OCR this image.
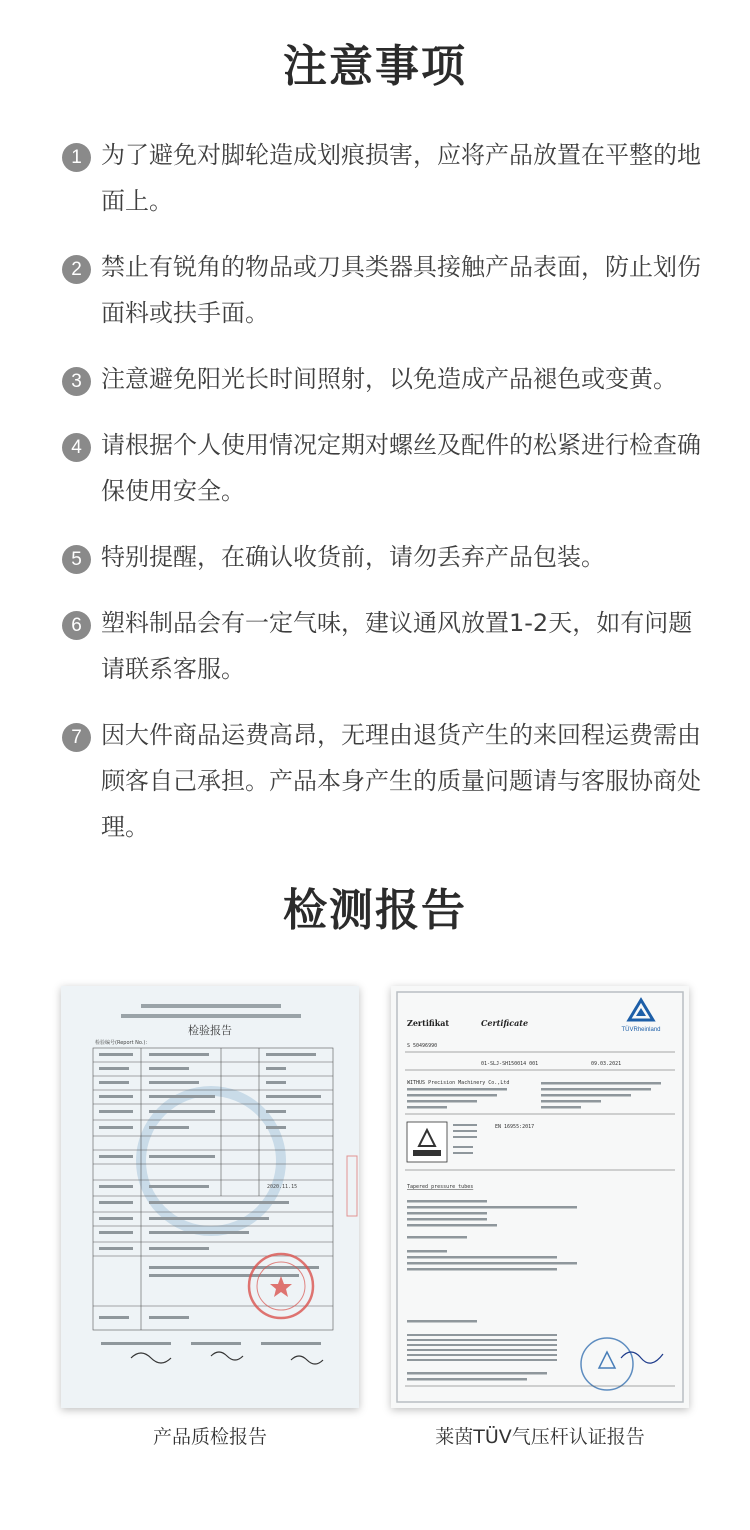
注意事项
1 为了避免对脚轮造成划痕损害，应将产品放置在平整的地面上。
2 禁止有锐角的物品或刀具类器具接触产品表面，防止划伤面料或扶手面。
3 注意避免阳光长时间照射，以免造成产品褪色或变黄。
4 请根据个人使用情况定期对螺丝及配件的松紧进行检查确保使用安全。
5 特别提醒，在确认收货前，请勿丢弃产品包装。
6 塑料制品会有一定气味，建议通风放置1-2天，如有问题请联系客服。
7 因大件商品运费高昂，无理由退货产生的来回程运费需由顾客自己承担。产品本身产生的质量问题请与客服协商处理。
检测报告
检验报告
检验编号(Report No.)：
2020.11.15
产品质检报告
Zertifikat	Certificate
TÜVRheinland
S 50496990
01-SLJ-SH150014 001	09.03.2021
WITHUS Precision Machinery Co.,Ltd
EN 16955:2017
Tapered pressure tubes
莱茵TÜV气压杆认证报告
